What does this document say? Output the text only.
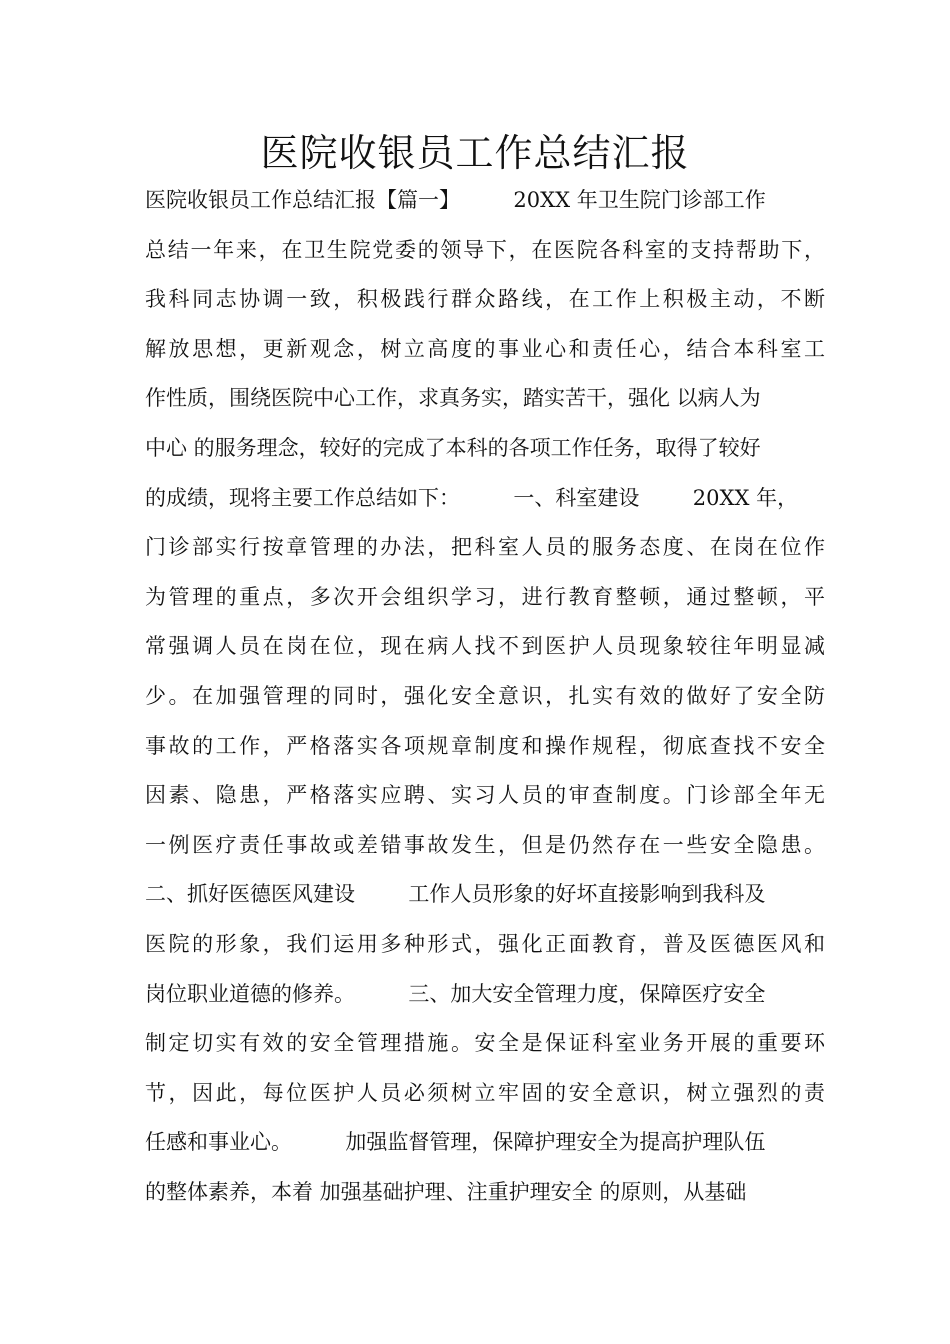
医院收银员工作总结汇报
医院收银员工作总结汇报【篇一】        20XX 年卫生院门诊部工作
总结一年来，在卫生院党委的领导下，在医院各科室的支持帮助下，
我科同志协调一致，积极践行群众路线，在工作上积极主动，不断
解放思想，更新观念，树立高度的事业心和责任心，结合本科室工
作性质，围绕医院中心工作，求真务实，踏实苦干，强化 以病人为
中心 的服务理念，较好的完成了本科的各项工作任务，取得了较好
的成绩，现将主要工作总结如下：        一、科室建设        20XX 年，
门诊部实行按章管理的办法，把科室人员的服务态度、在岗在位作
为管理的重点，多次开会组织学习，进行教育整顿，通过整顿，平
常强调人员在岗在位，现在病人找不到医护人员现象较往年明显减
少。在加强管理的同时，强化安全意识，扎实有效的做好了安全防
事故的工作，严格落实各项规章制度和操作规程，彻底查找不安全
因素、隐患，严格落实应聘、实习人员的审查制度。门诊部全年无
一例医疗责任事故或差错事故发生，但是仍然存在一些安全隐患。
二、抓好医德医风建设        工作人员形象的好坏直接影响到我科及
医院的形象，我们运用多种形式，强化正面教育，普及医德医风和
岗位职业道德的修养。        三、加大安全管理力度，保障医疗安全
制定切实有效的安全管理措施。安全是保证科室业务开展的重要环
节，因此，每位医护人员必须树立牢固的安全意识，树立强烈的责
任感和事业心。        加强监督管理，保障护理安全为提高护理队伍
的整体素养，本着 加强基础护理、注重护理安全 的原则，从基础
